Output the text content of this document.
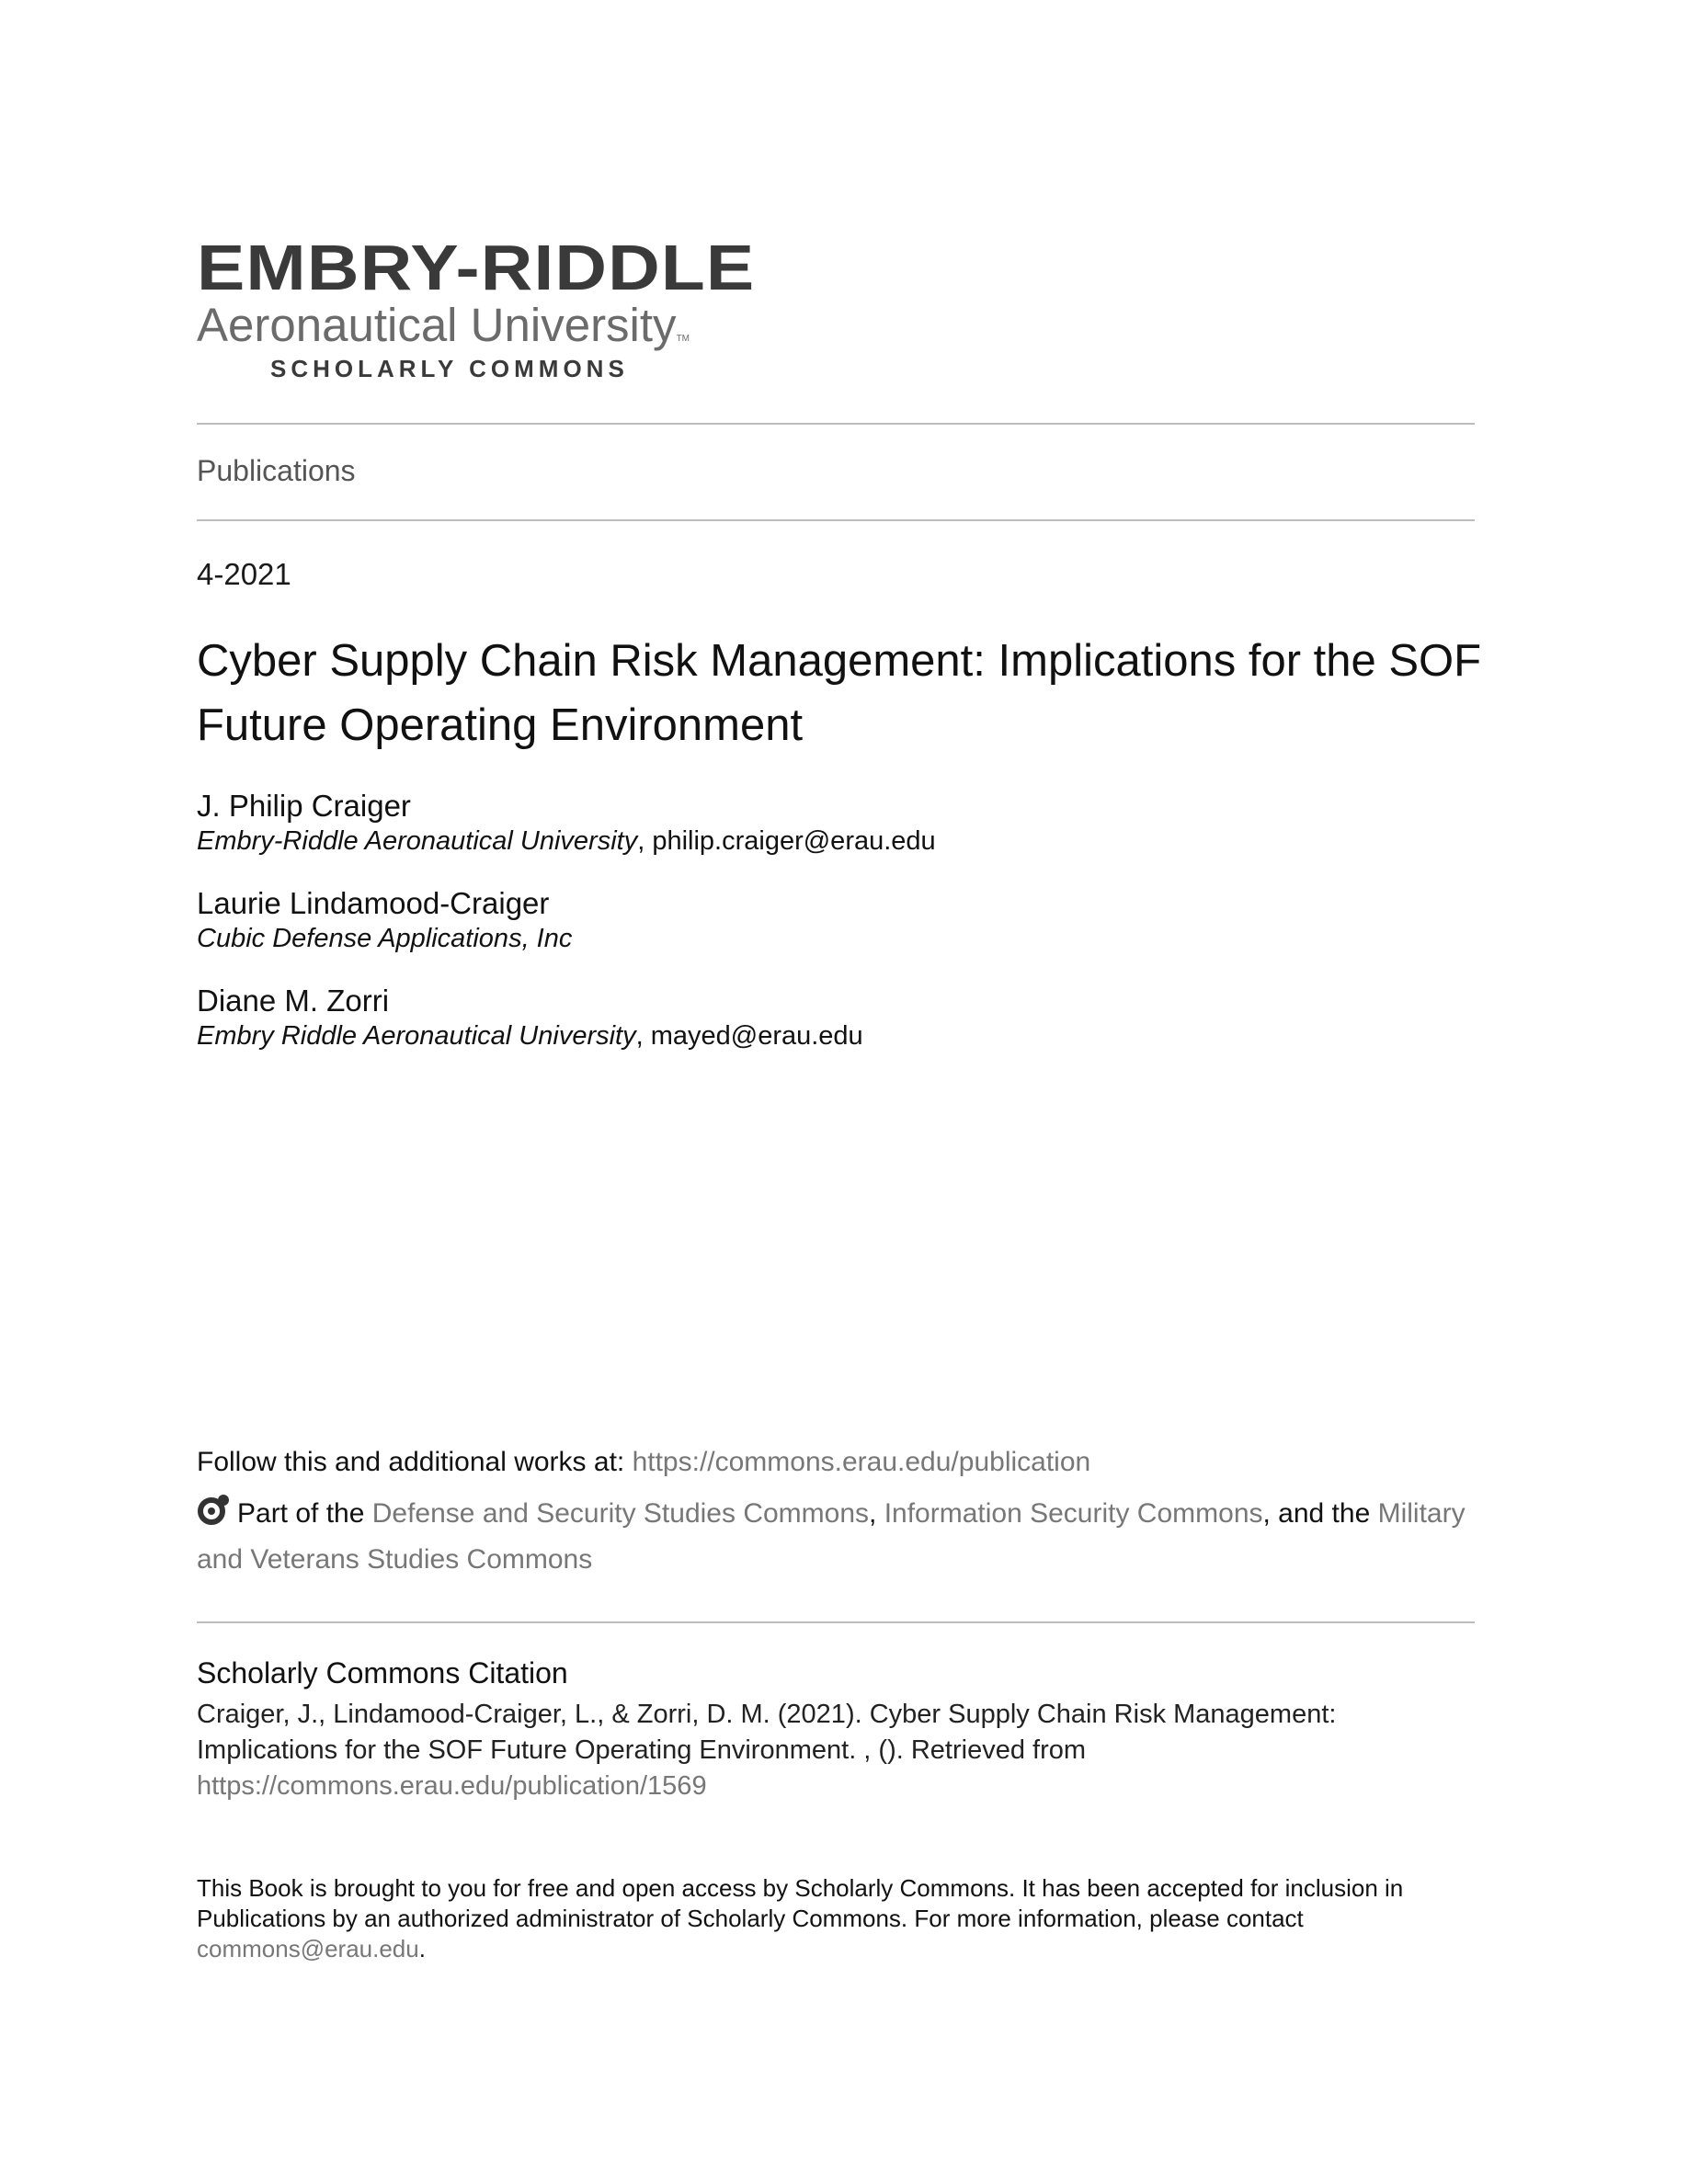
EMBRY-RIDDLE
Aeronautical UniversityTM
SCHOLARLY COMMONS
Publications
4-2021
Cyber Supply Chain Risk Management: Implications for the SOF Future Operating Environment
J. Philip Craiger
Embry-Riddle Aeronautical University, philip.craiger@erau.edu
Laurie Lindamood-Craiger
Cubic Defense Applications, Inc
Diane M. Zorri
Embry Riddle Aeronautical University, mayed@erau.edu
Follow this and additional works at: https://commons.erau.edu/publication
Part of the Defense and Security Studies Commons, Information Security Commons, and the Military and Veterans Studies Commons
Scholarly Commons Citation
Craiger, J., Lindamood-Craiger, L., & Zorri, D. M. (2021). Cyber Supply Chain Risk Management: Implications for the SOF Future Operating Environment. , (). Retrieved from https://commons.erau.edu/publication/1569
This Book is brought to you for free and open access by Scholarly Commons. It has been accepted for inclusion in Publications by an authorized administrator of Scholarly Commons. For more information, please contact commons@erau.edu.
